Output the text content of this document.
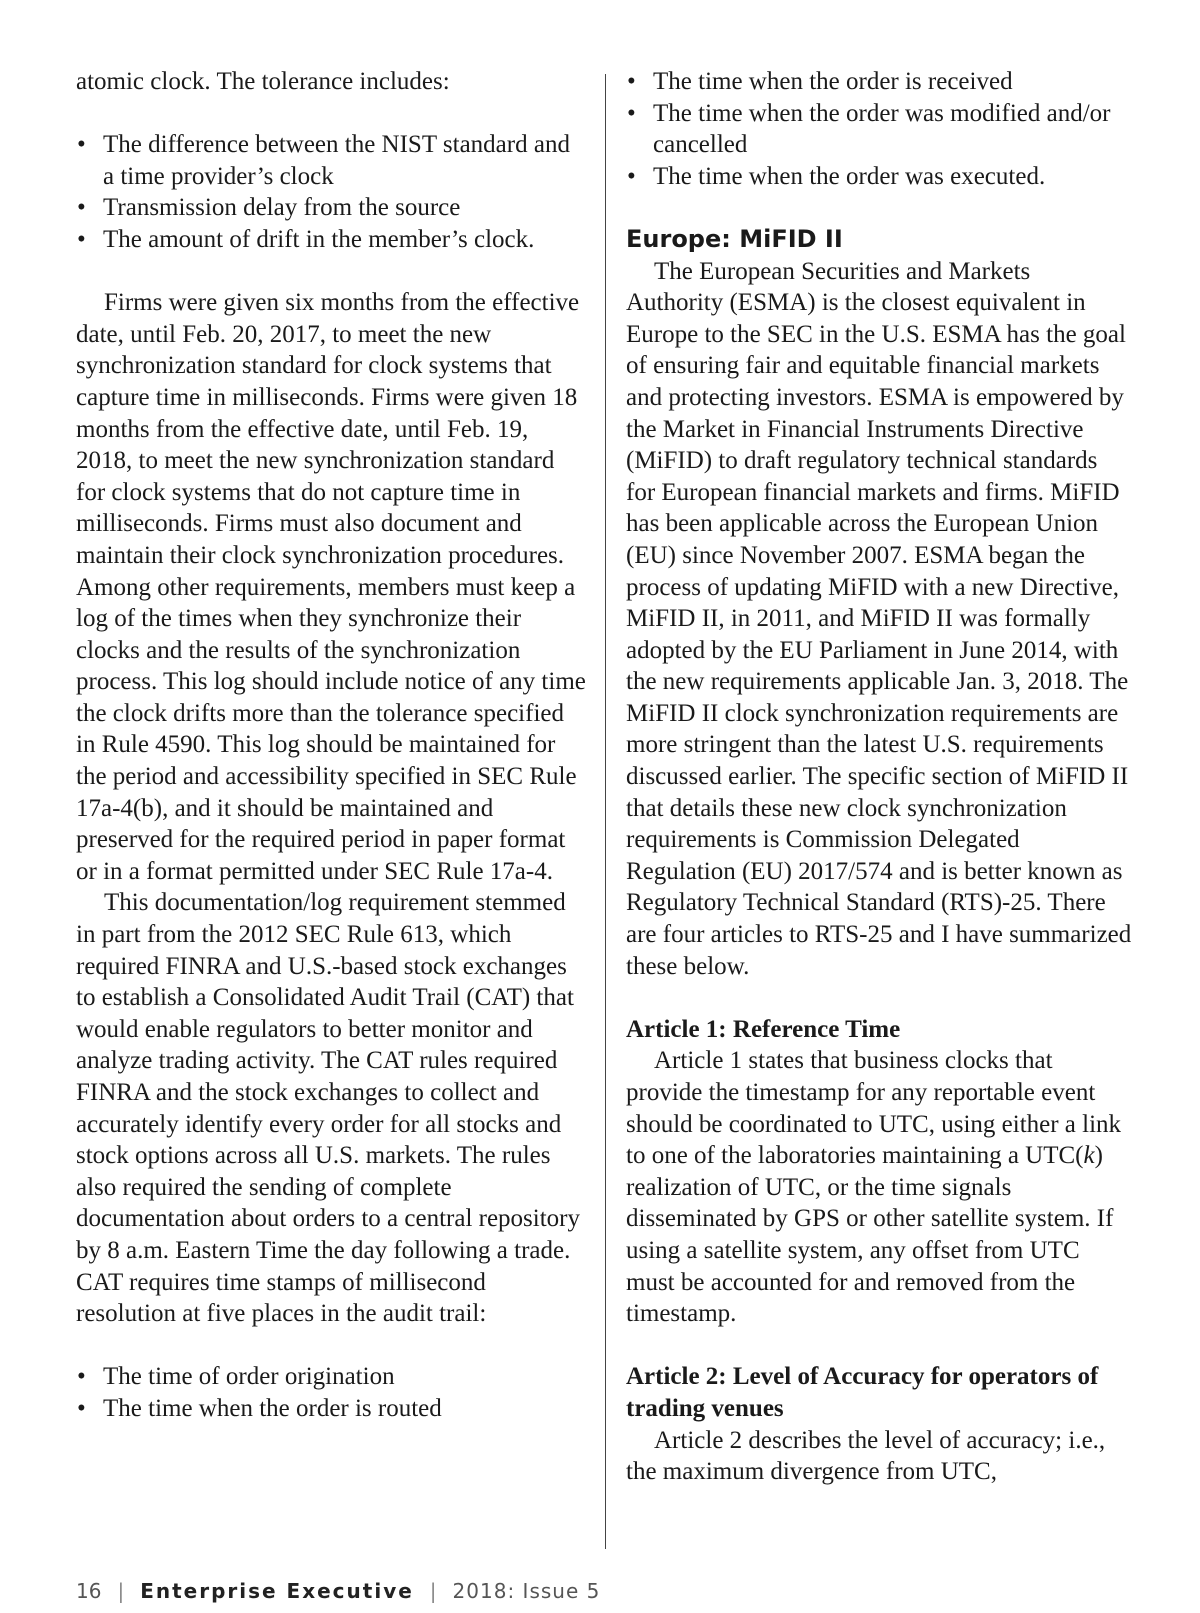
atomic clock. The tolerance includes:

• The difference between the NIST standard and a time provider’s clock
• Transmission delay from the source
• The amount of drift in the member’s clock.

Firms were given six months from the effective date, until Feb. 20, 2017, to meet the new synchronization standard for clock systems that capture time in milliseconds. Firms were given 18 months from the effective date, until Feb. 19, 2018, to meet the new synchronization standard for clock systems that do not capture time in milliseconds. Firms must also document and maintain their clock synchronization procedures. Among other requirements, members must keep a log of the times when they synchronize their clocks and the results of the synchronization process. This log should include notice of any time the clock drifts more than the tolerance specified in Rule 4590. This log should be maintained for the period and accessibility specified in SEC Rule 17a-4(b), and it should be maintained and preserved for the required period in paper format or in a format permitted under SEC Rule 17a-4.

This documentation/log requirement stemmed in part from the 2012 SEC Rule 613, which required FINRA and U.S.-based stock exchanges to establish a Consolidated Audit Trail (CAT) that would enable regulators to better monitor and analyze trading activity. The CAT rules required FINRA and the stock exchanges to collect and accurately identify every order for all stocks and stock options across all U.S. markets. The rules also required the sending of complete documentation about orders to a central repository by 8 a.m. Eastern Time the day following a trade. CAT requires time stamps of millisecond resolution at five places in the audit trail:

• The time of order origination
• The time when the order is routed
• The time when the order is received
• The time when the order was modified and/or cancelled
• The time when the order was executed.
Europe: MiFID II

The European Securities and Markets Authority (ESMA) is the closest equivalent in Europe to the SEC in the U.S. ESMA has the goal of ensuring fair and equitable financial markets and protecting investors. ESMA is empowered by the Market in Financial Instruments Directive (MiFID) to draft regulatory technical standards for European financial markets and firms. MiFID has been applicable across the European Union (EU) since November 2007. ESMA began the process of updating MiFID with a new Directive, MiFID II, in 2011, and MiFID II was formally adopted by the EU Parliament in June 2014, with the new requirements applicable Jan. 3, 2018. The MiFID II clock synchronization requirements are more stringent than the latest U.S. requirements discussed earlier. The specific section of MiFID II that details these new clock synchronization requirements is Commission Delegated Regulation (EU) 2017/574 and is better known as Regulatory Technical Standard (RTS)-25. There are four articles to RTS-25 and I have summarized these below.

Article 1: Reference Time

Article 1 states that business clocks that provide the timestamp for any reportable event should be coordinated to UTC, using either a link to one of the laboratories maintaining a UTC(k) realization of UTC, or the time signals disseminated by GPS or other satellite system. If using a satellite system, any offset from UTC must be accounted for and removed from the timestamp.

Article 2: Level of Accuracy for operators of trading venues

Article 2 describes the level of accuracy; i.e., the maximum divergence from UTC,

16 | Enterprise Executive | 2018: Issue 5
